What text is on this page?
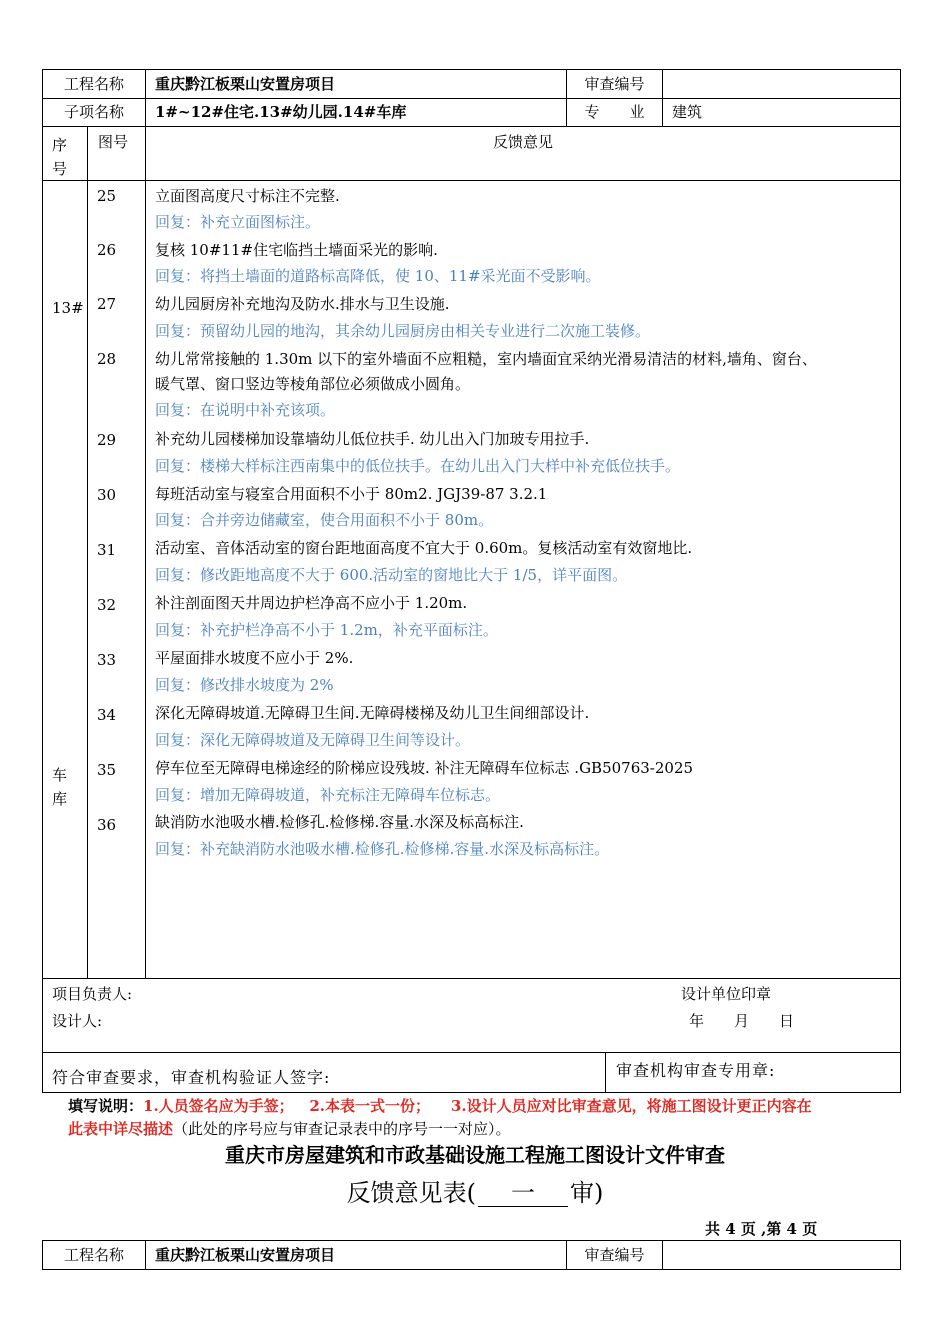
工程名称	重庆黔江板栗山安置房项目	审查编号
子项名称	1#~12#住宅.13#幼儿园.14#车库	专　　业	建筑
序
号
图号	反馈意见
13#
车
库
25	立面图高度尺寸标注不完整.
回复：补充立面图标注。
26	复核 10#11#住宅临挡土墙面采光的影响.
回复：将挡土墙面的道路标高降低，使 10、11#采光面不受影响。
27	幼儿园厨房补充地沟及防水.排水与卫生设施.
回复：预留幼儿园的地沟，其余幼儿园厨房由相关专业进行二次施工装修。
28	幼儿常常接触的 1.30m 以下的室外墙面不应粗糙，室内墙面宜采纳光滑易清洁的材料,墙角、窗台、
暖气罩、窗口竖边等棱角部位必须做成小圆角。
回复：在说明中补充该项。
29	补充幼儿园楼梯加设靠墙幼儿低位扶手. 幼儿出入门加玻专用拉手.
回复：楼梯大样标注西南集中的低位扶手。在幼儿出入门大样中补充低位扶手。
30	每班活动室与寝室合用面积不小于 80m2. JGJ39-87 3.2.1
回复：合并旁边储藏室，使合用面积不小于 80m。
31	活动室、音体活动室的窗台距地面高度不宜大于 0.60m。复核活动室有效窗地比.
回复：修改距地高度不大于 600.活动室的窗地比大于 1/5，详平面图。
32	补注剖面图天井周边护栏净高不应小于 1.20m.
回复：补充护栏净高不小于 1.2m，补充平面标注。
33	平屋面排水坡度不应小于 2%.
回复：修改排水坡度为 2%
34	深化无障碍坡道.无障碍卫生间.无障碍楼梯及幼儿卫生间细部设计.
回复：深化无障碍坡道及无障碍卫生间等设计。
35	停车位至无障碍电梯途经的阶梯应设残坡. 补注无障碍车位标志 .GB50763-2025
回复：增加无障碍坡道，补充标注无障碍车位标志。
36	缺消防水池吸水槽.检修孔.检修梯.容量.水深及标高标注.
回复：补充缺消防水池吸水槽.检修孔.检修梯.容量.水深及标高标注。
项目负责人:
设计人:
设计单位印章
年　　月　　日
符合审查要求，审查机构验证人签字:	审查机构审查专用章:
填写说明：1.人员签名应为手签； 2.本表一式一份； 3.设计人员应对比审查意见，将施工图设计更正内容在
此表中详尽描述（此处的序号应与审查记录表中的序号一一对应）。
重庆市房屋建筑和市政基础设施工程施工图设计文件审查
反馈意见表( 一 审)
共 4 页 ,第 4 页
工程名称	重庆黔江板栗山安置房项目	审查编号
